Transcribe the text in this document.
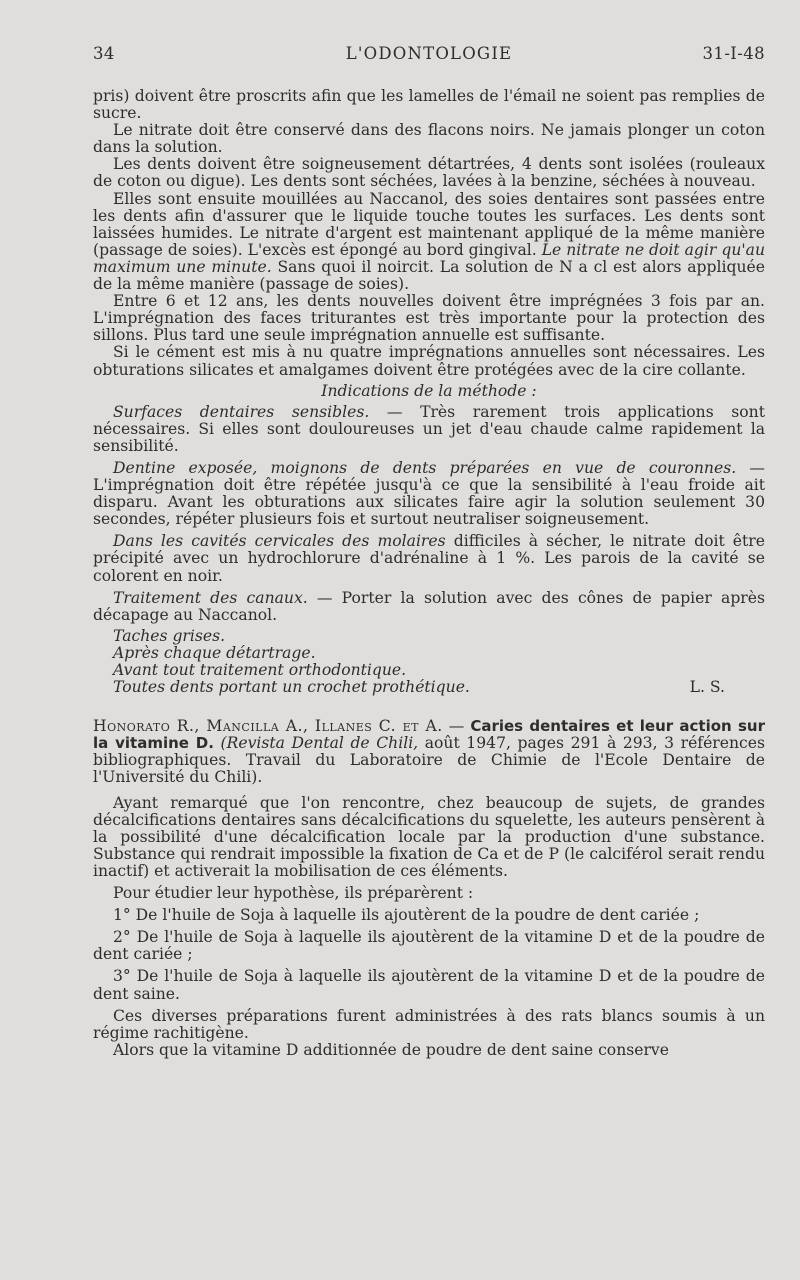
34	L'ODONTOLOGIE	31-I-48

pris) doivent être proscrits afin que les lamelles de l'émail ne soient pas remplies de sucre.

Le nitrate doit être conservé dans des flacons noirs. Ne jamais plonger un coton dans la solution.

Les dents doivent être soigneusement détartrées, 4 dents sont isolées (rouleaux de coton ou digue). Les dents sont séchées, lavées à la benzine, séchées à nouveau.

Elles sont ensuite mouillées au Naccanol, des soies dentaires sont passées entre les dents afin d'assurer que le liquide touche toutes les surfaces. Les dents sont laissées humides. Le nitrate d'argent est maintenant appliqué de la même manière (passage de soies). L'excès est épongé au bord gingival. Le nitrate ne doit agir qu'au maximum une minute. Sans quoi il noircit. La solution de N a cl est alors appliquée de la même manière (passage de soies).

Entre 6 et 12 ans, les dents nouvelles doivent être imprégnées 3 fois par an. L'imprégnation des faces triturantes est très importante pour la protection des sillons. Plus tard une seule imprégnation annuelle est suffisante.

Si le cément est mis à nu quatre imprégnations annuelles sont nécessaires. Les obturations silicates et amalgames doivent être protégées avec de la cire collante.

Indications de la méthode :

Surfaces dentaires sensibles. — Très rarement trois applications sont nécessaires. Si elles sont douloureuses un jet d'eau chaude calme rapidement la sensibilité.

Dentine exposée, moignons de dents préparées en vue de couronnes. — L'imprégnation doit être répétée jusqu'à ce que la sensibilité à l'eau froide ait disparu. Avant les obturations aux silicates faire agir la solution seulement 30 secondes, répéter plusieurs fois et surtout neutraliser soigneusement.

Dans les cavités cervicales des molaires difficiles à sécher, le nitrate doit être précipité avec un hydrochlorure d'adrénaline à 1 %. Les parois de la cavité se colorent en noir.

Traitement des canaux. — Porter la solution avec des cônes de papier après décapage au Naccanol.

Taches grises.
Après chaque détartrage.
Avant tout traitement orthodontique.
Toutes dents portant un crochet prothétique.	L. S.

Honorato R., Mancilla A., Illanes C. et A. — Caries dentaires et leur action sur la vitamine D. (Revista Dental de Chili, août 1947, pages 291 à 293, 3 références bibliographiques. Travail du Laboratoire de Chimie de l'Ecole Dentaire de l'Université du Chili).

Ayant remarqué que l'on rencontre, chez beaucoup de sujets, de grandes décalcifications dentaires sans décalcifications du squelette, les auteurs pensèrent à la possibilité d'une décalcification locale par la production d'une substance. Substance qui rendrait impossible la fixation de Ca et de P (le calciférol serait rendu inactif) et activerait la mobilisation de ces éléments.

Pour étudier leur hypothèse, ils préparèrent :

1° De l'huile de Soja à laquelle ils ajoutèrent de la poudre de dent cariée ;

2° De l'huile de Soja à laquelle ils ajoutèrent de la vitamine D et de la poudre de dent cariée ;

3° De l'huile de Soja à laquelle ils ajoutèrent de la vitamine D et de la poudre de dent saine.

Ces diverses préparations furent administrées à des rats blancs soumis à un régime rachitigène.

Alors que la vitamine D additionnée de poudre de dent saine conserve
